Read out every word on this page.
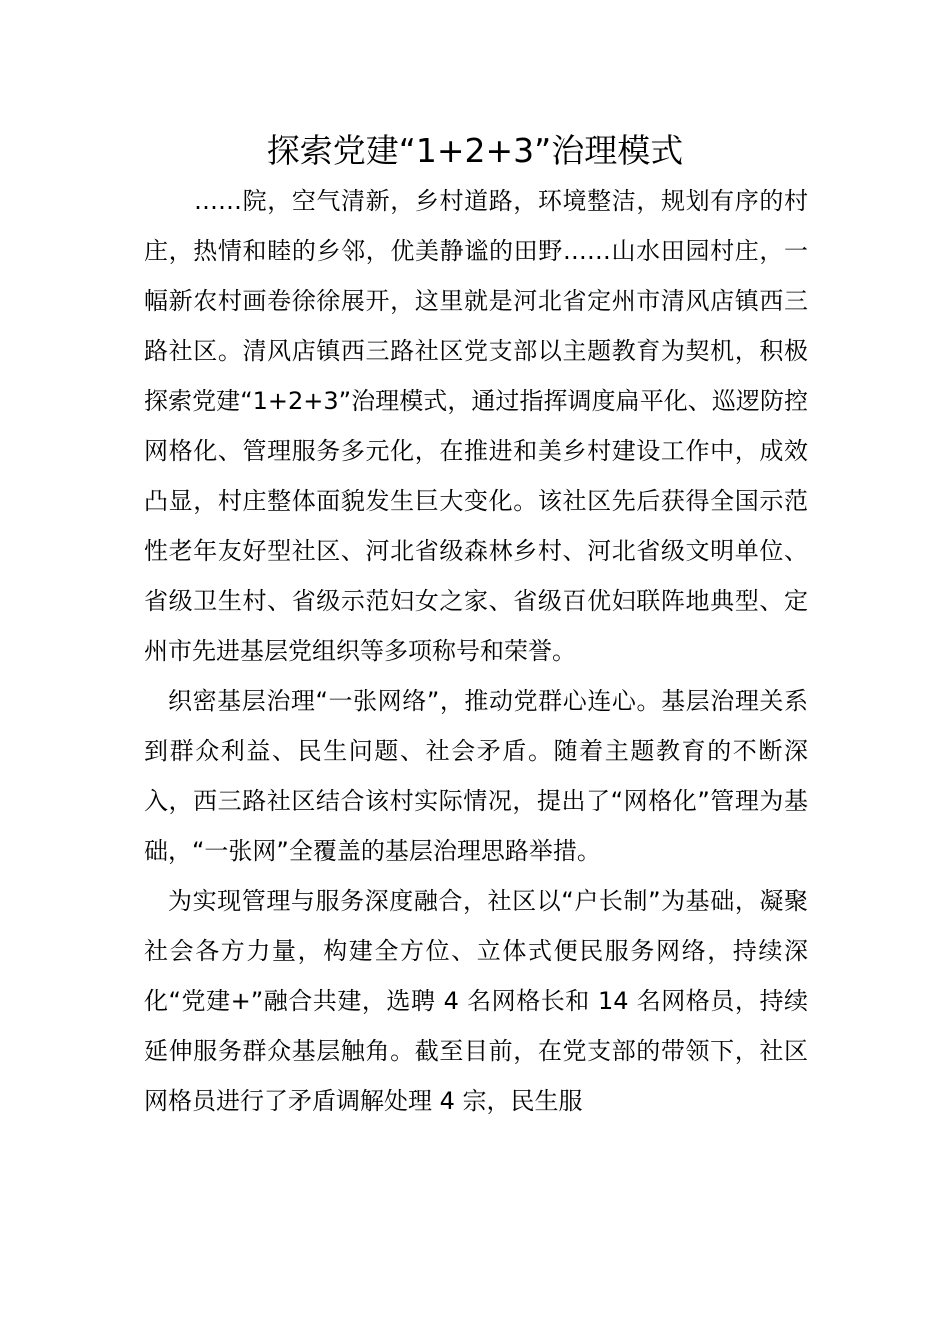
探索党建“1+2+3”治理模式

……院，空气清新，乡村道路，环境整洁，规划有序的村庄，热情和睦的乡邻，优美静谧的田野……山水田园村庄，一幅新农村画卷徐徐展开，这里就是河北省定州市清风店镇西三路社区。清风店镇西三路社区党支部以主题教育为契机，积极探索党建“1+2+3”治理模式，通过指挥调度扁平化、巡逻防控网格化、管理服务多元化，在推进和美乡村建设工作中，成效凸显，村庄整体面貌发生巨大变化。该社区先后获得全国示范性老年友好型社区、河北省级森林乡村、河北省级文明单位、省级卫生村、省级示范妇女之家、省级百优妇联阵地典型、定州市先进基层党组织等多项称号和荣誉。

织密基层治理“一张网络”，推动党群心连心。基层治理关系到群众利益、民生问题、社会矛盾。随着主题教育的不断深入，西三路社区结合该村实际情况，提出了“网格化”管理为基础，“一张网”全覆盖的基层治理思路举措。

为实现管理与服务深度融合，社区以“户长制”为基础，凝聚社会各方力量，构建全方位、立体式便民服务网络，持续深化“党建+”融合共建，选聘 4 名网格长和 14 名网格员，持续延伸服务群众基层触角。截至目前，在党支部的带领下，社区网格员进行了矛盾调解处理 4 宗，民生服
